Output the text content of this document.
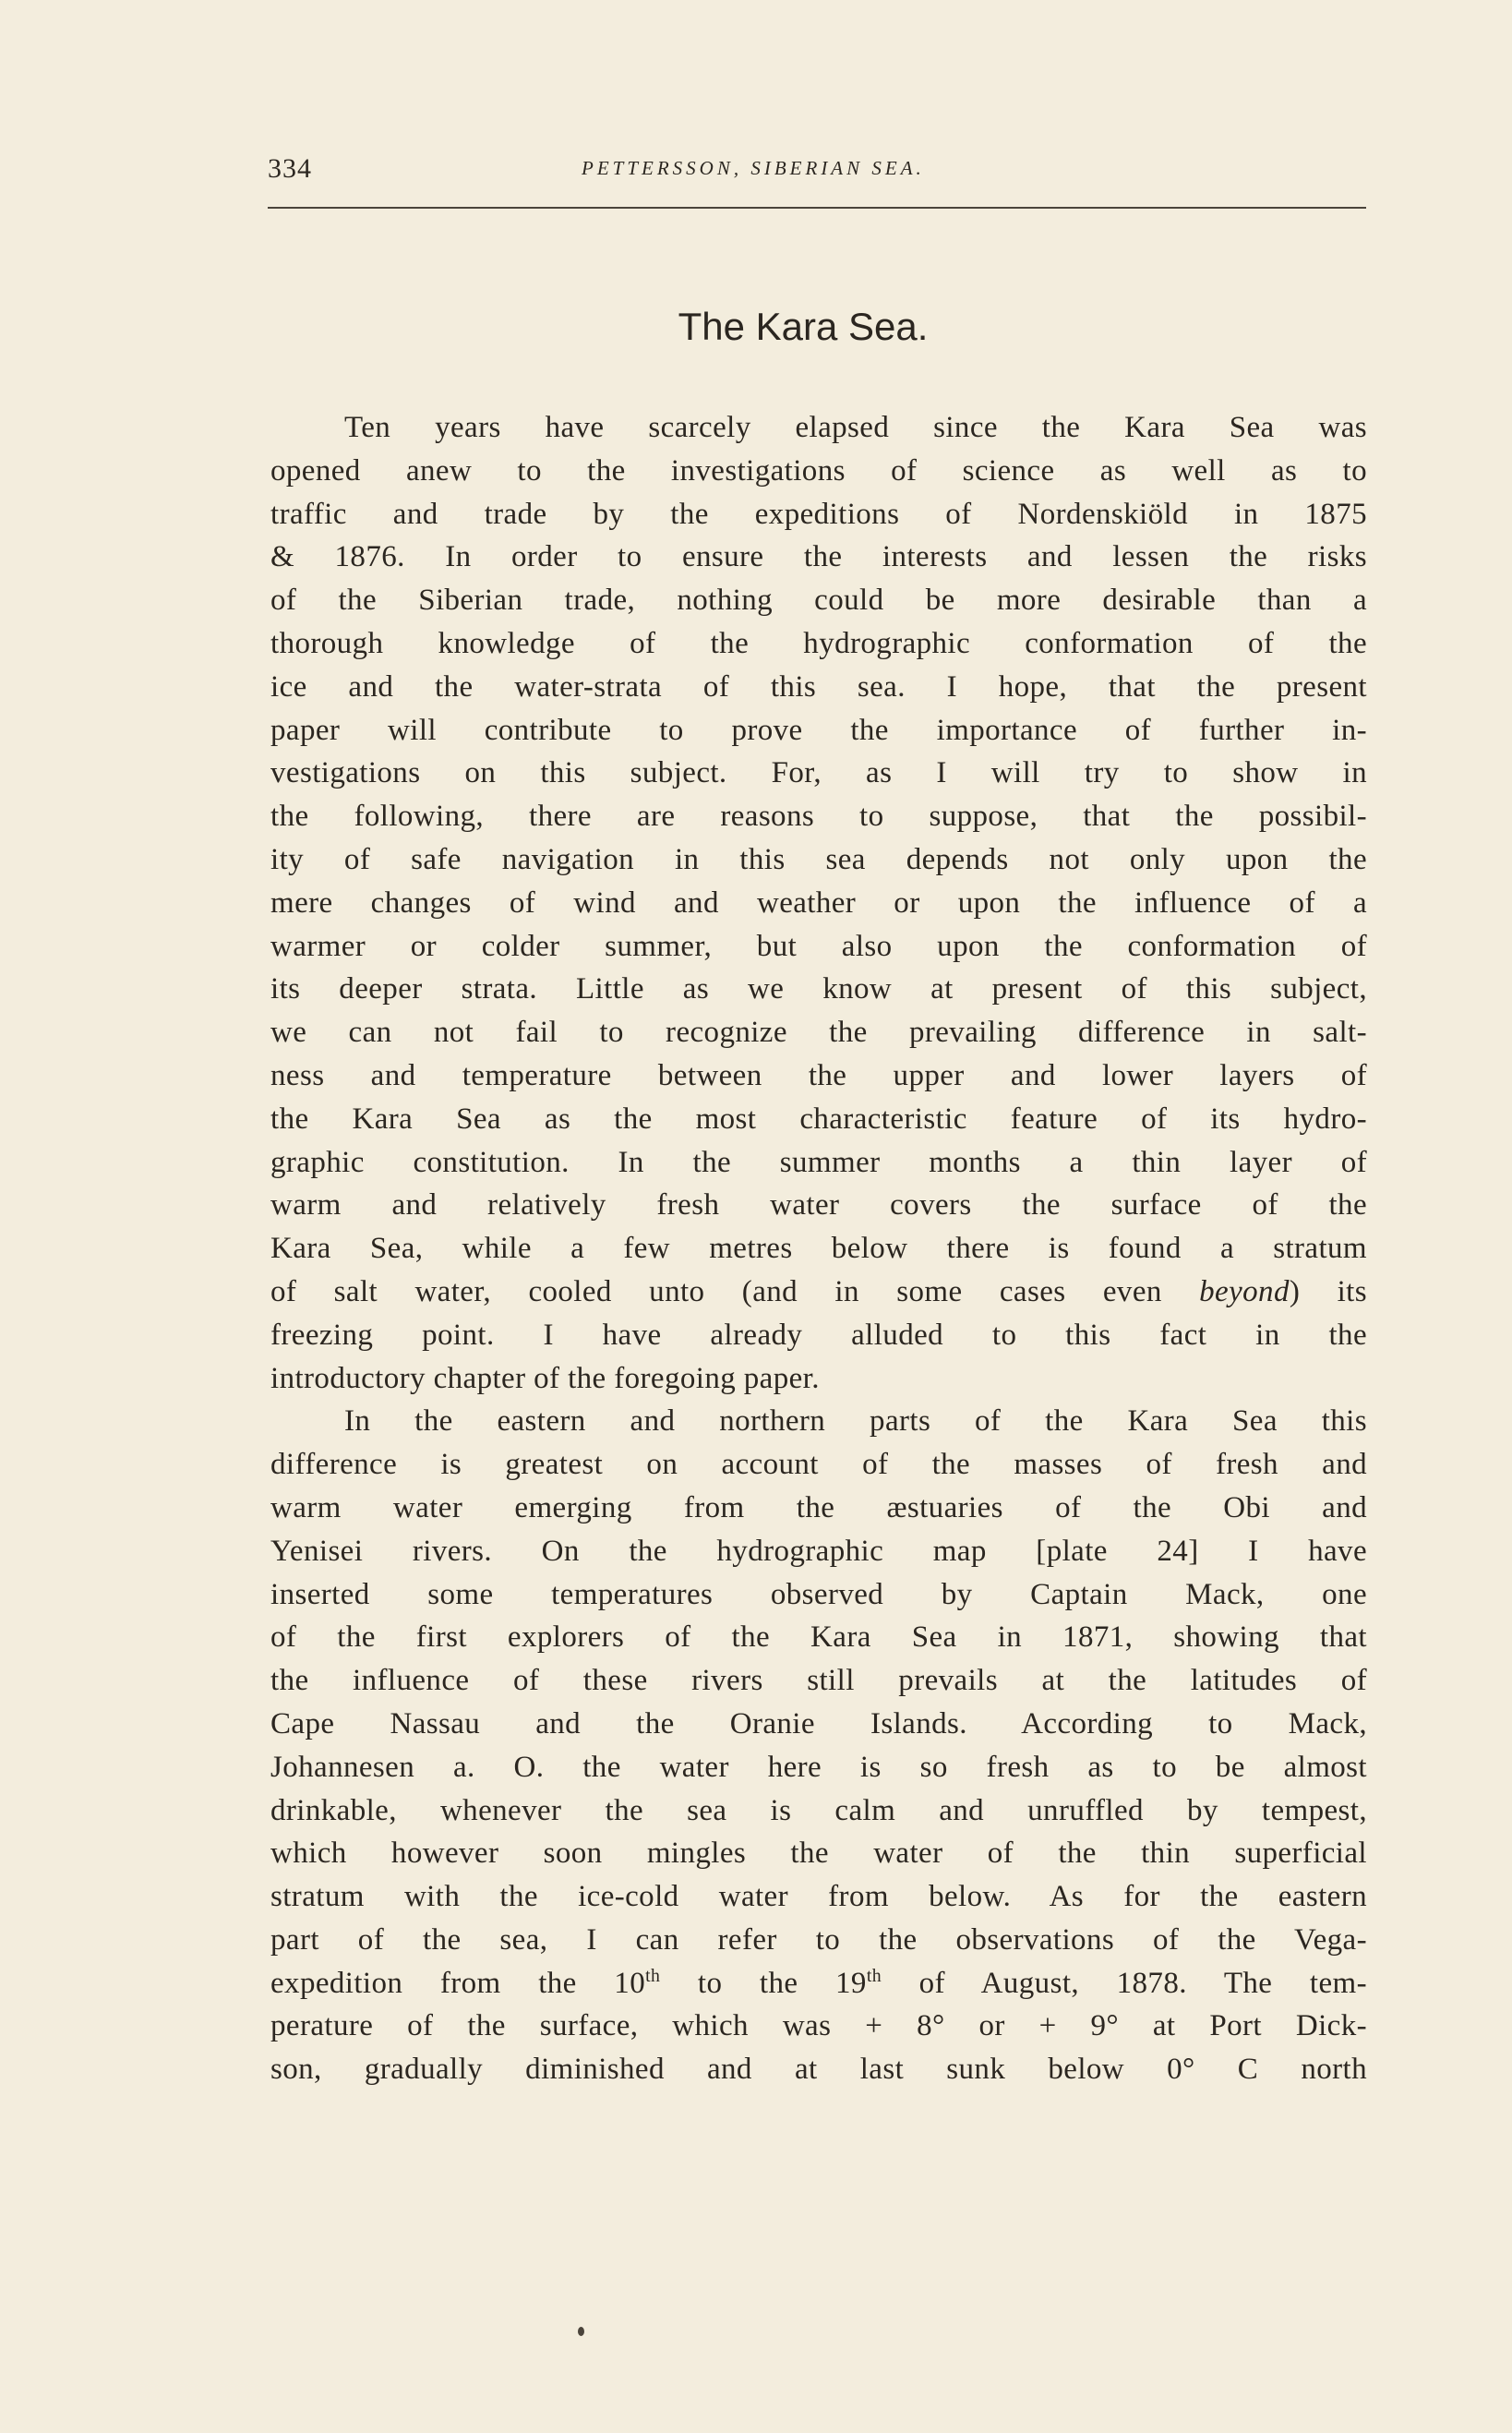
334	PETTERSSON, SIBERIAN SEA.
The Kara Sea.
Ten years have scarcely elapsed since the Kara Sea was
opened anew to the investigations of science as well as to
traffic and trade by the expeditions of Nordenskiöld in 1875
& 1876. In order to ensure the interests and lessen the risks
of the Siberian trade, nothing could be more desirable than a
thorough knowledge of the hydrographic conformation of the
ice and the water-strata of this sea. I hope, that the present
paper will contribute to prove the importance of further in-
vestigations on this subject. For, as I will try to show in
the following, there are reasons to suppose, that the possibil-
ity of safe navigation in this sea depends not only upon the
mere changes of wind and weather or upon the influence of a
warmer or colder summer, but also upon the conformation of
its deeper strata. Little as we know at present of this subject,
we can not fail to recognize the prevailing difference in salt-
ness and temperature between the upper and lower layers of
the Kara Sea as the most characteristic feature of its hydro-
graphic constitution. In the summer months a thin layer of
warm and relatively fresh water covers the surface of the
Kara Sea, while a few metres below there is found a stratum
of salt water, cooled unto (and in some cases even beyond) its
freezing point. I have already alluded to this fact in the
introductory chapter of the foregoing paper.
In the eastern and northern parts of the Kara Sea this
difference is greatest on account of the masses of fresh and
warm water emerging from the æstuaries of the Obi and
Yenisei rivers. On the hydrographic map [plate 24] I have
inserted some temperatures observed by Captain Mack, one
of the first explorers of the Kara Sea in 1871, showing that
the influence of these rivers still prevails at the latitudes of
Cape Nassau and the Oranie Islands. According to Mack,
Johannesen a. O. the water here is so fresh as to be almost
drinkable, whenever the sea is calm and unruffled by tempest,
which however soon mingles the water of the thin superficial
stratum with the ice-cold water from below. As for the eastern
part of the sea, I can refer to the observations of the Vega-
expedition from the 10th to the 19th of August, 1878. The tem-
perature of the surface, which was + 8° or + 9° at Port Dick-
son, gradually diminished and at last sunk below 0° C north
